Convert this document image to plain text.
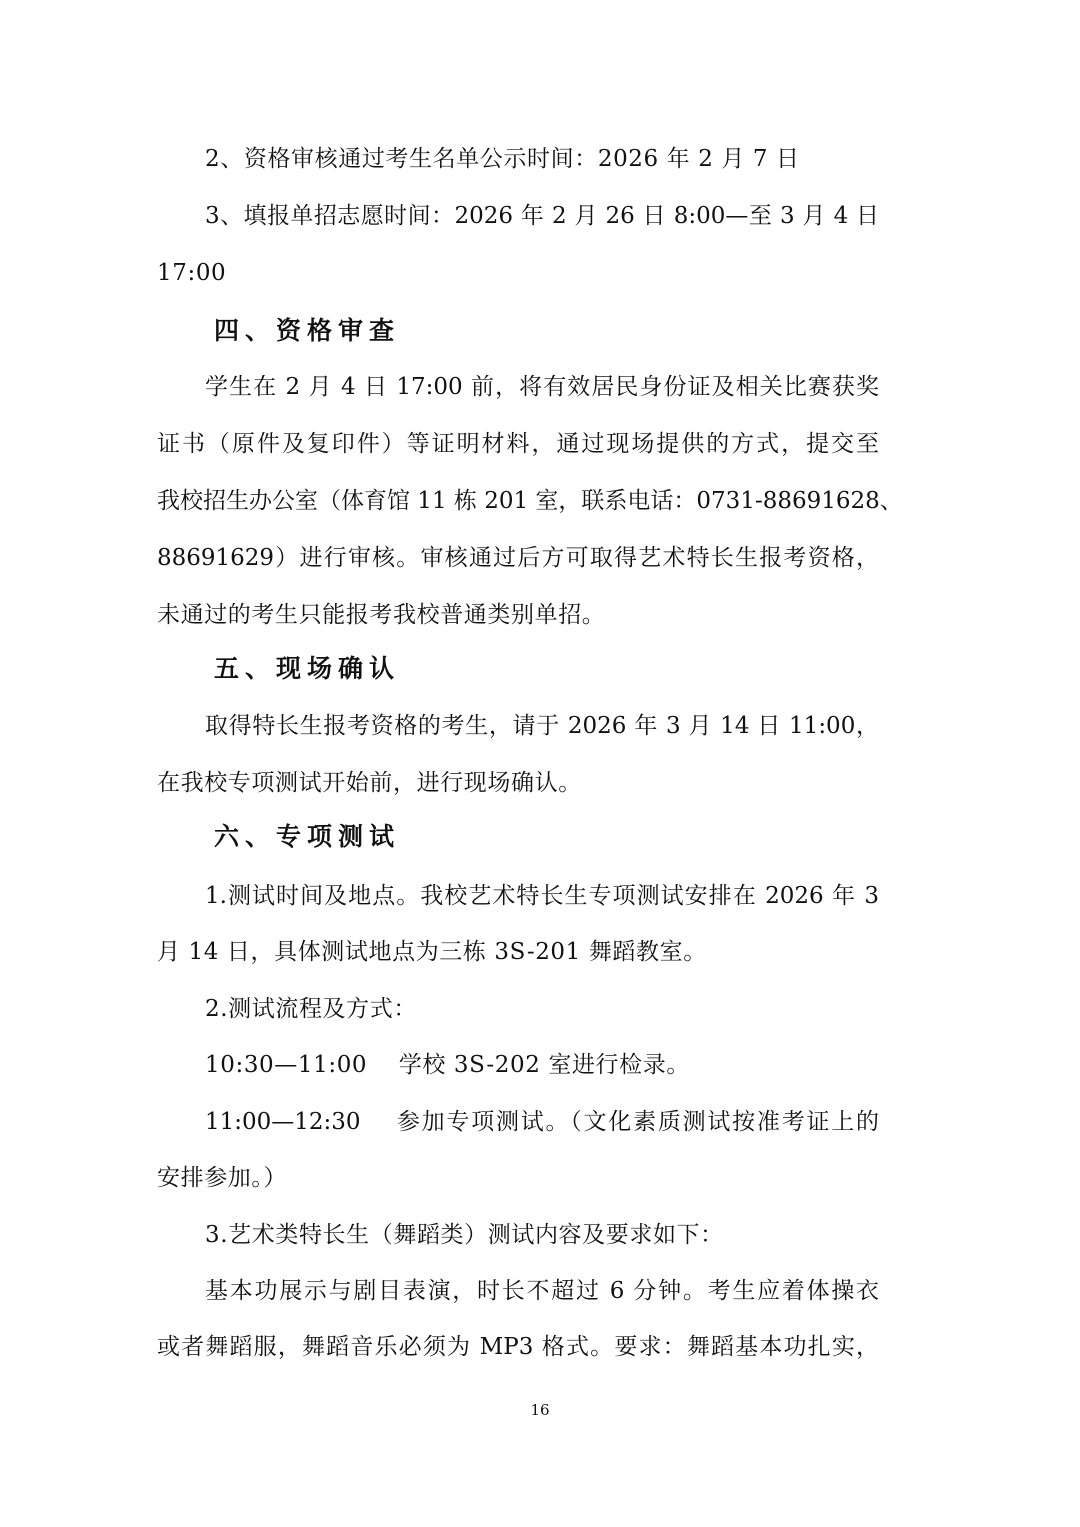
2、资格审核通过考生名单公示时间：2026 年 2 月 7 日

3、填报单招志愿时间：2026 年 2 月 26 日 8:00—至 3 月 4 日

17:00

四、资格审查

学生在 2 月 4 日 17:00 前，将有效居民身份证及相关比赛获奖

证书（原件及复印件）等证明材料，通过现场提供的方式，提交至

我校招生办公室（体育馆 11 栋 201 室，联系电话：0731-88691628、

88691629）进行审核。审核通过后方可取得艺术特长生报考资格，

未通过的考生只能报考我校普通类别单招。

五、现场确认

取得特长生报考资格的考生，请于 2026 年 3 月 14 日 11:00，

在我校专项测试开始前，进行现场确认。

六、专项测试

1.测试时间及地点。我校艺术特长生专项测试安排在 2026 年 3

月 14 日，具体测试地点为三栋 3S-201 舞蹈教室。

2.测试流程及方式：

10:30—11:00    学校 3S-202 室进行检录。

11:00—12:30    参加专项测试。（文化素质测试按准考证上的

安排参加。）

3.艺术类特长生（舞蹈类）测试内容及要求如下：

基本功展示与剧目表演，时长不超过 6 分钟。考生应着体操衣

或者舞蹈服，舞蹈音乐必须为 MP3 格式。要求：舞蹈基本功扎实，

16
